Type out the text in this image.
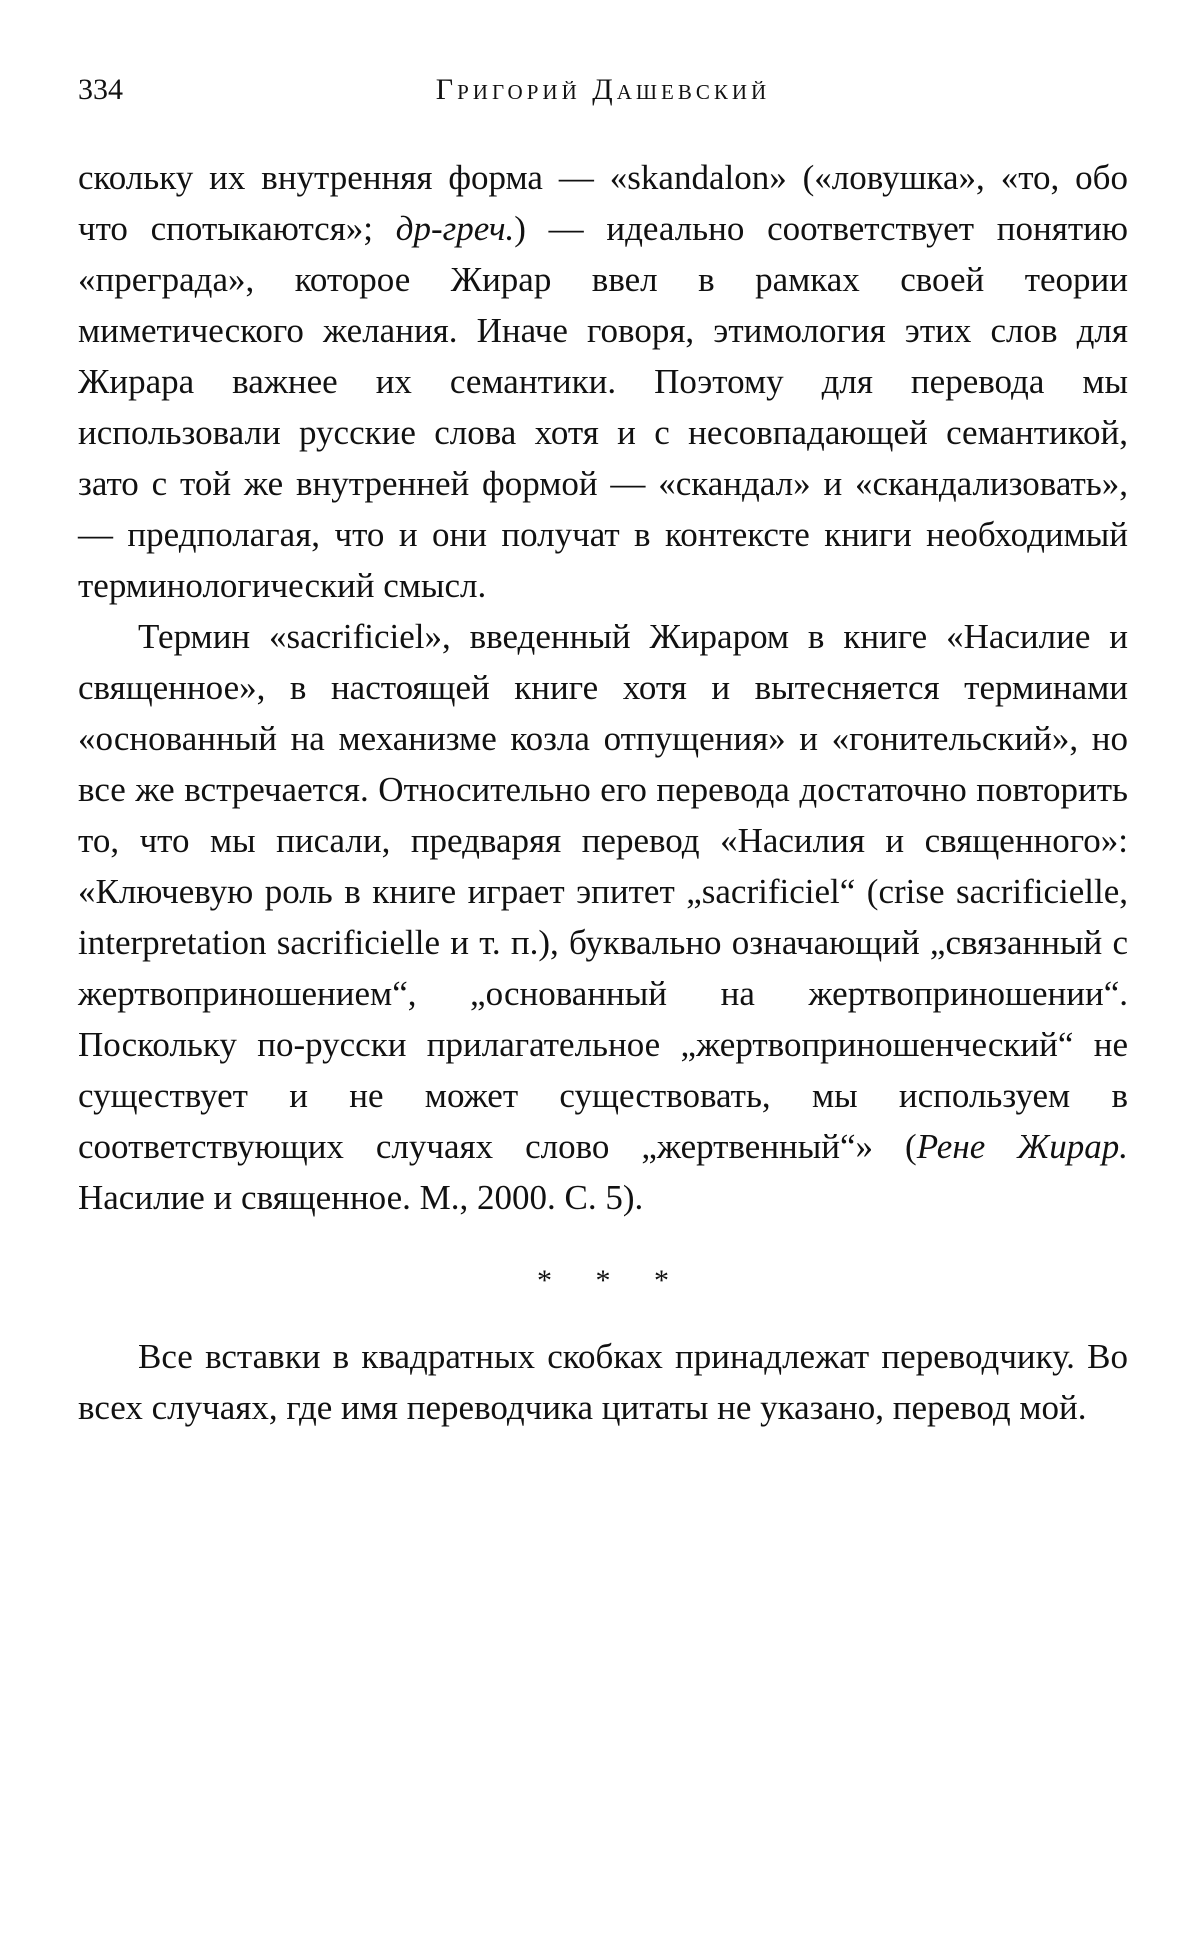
334	Григорий Дашевский

скольку их внутренняя форма — «skandalon» («ловушка», «то, обо что спотыкаются»; др-греч.) — идеально соответствует понятию «преграда», которое Жирар ввел в рамках своей теории миметического желания. Иначе говоря, этимология этих слов для Жирара важнее их семантики. Поэтому для перевода мы использовали русские слова хотя и с несовпадающей семантикой, зато с той же внутренней формой — «скандал» и «скандализовать», — предполагая, что и они получат в контексте книги необходимый терминологический смысл.

Термин «sacrificiel», введенный Жираром в книге «Насилие и священное», в настоящей книге хотя и вытесняется терминами «основанный на механизме козла отпущения» и «гонительский», но все же встречается. Относительно его перевода достаточно повторить то, что мы писали, предваряя перевод «Насилия и священного»: «Ключевую роль в книге играет эпитет „sacrificiel“ (crise sacrificielle, interpretation sacrificielle и т. п.), буквально означающий „связанный с жертвоприношением“, „основанный на жертвоприношении“. Поскольку по-русски прилагательное „жертвоприношенческий“ не существует и не может существовать, мы используем в соответствующих случаях слово „жертвенный“» (Рене Жирар. Насилие и священное. М., 2000. С. 5).

* * *

Все вставки в квадратных скобках принадлежат переводчику. Во всех случаях, где имя переводчика цитаты не указано, перевод мой.
